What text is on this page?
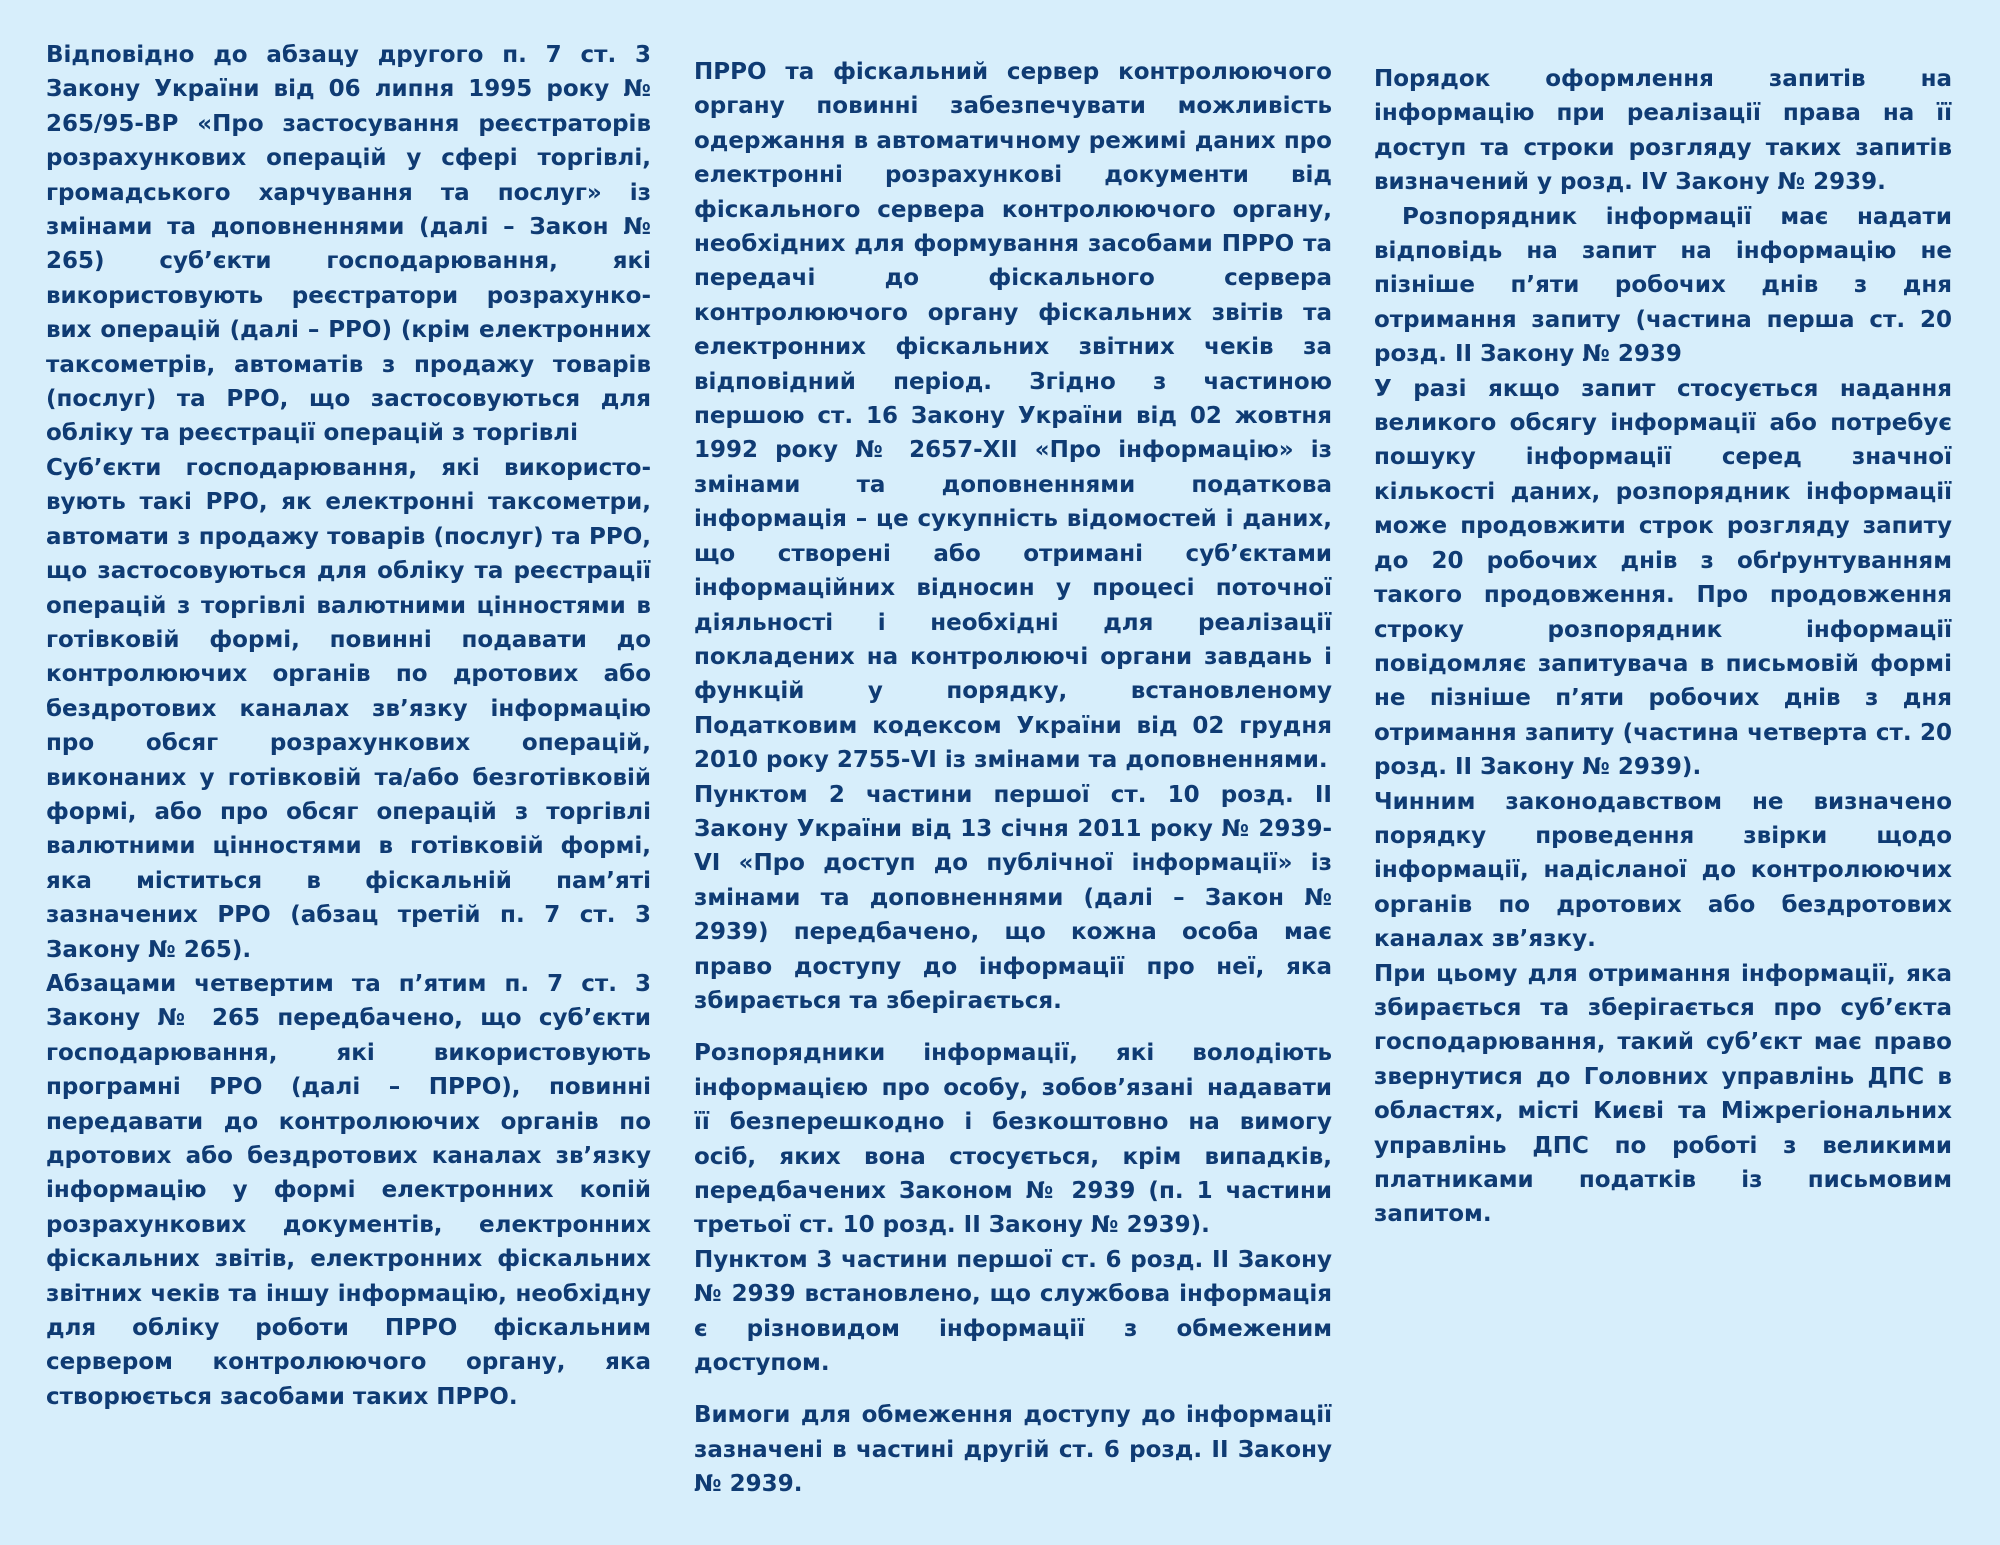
Відповідно до абзацу другого п. 7 ст. 3 Закону України від 06 липня 1995 року № 265/95-ВР «Про застосування реєстраторів розрахункових операцій у сфері торгівлі, громадського харчування та послуг» із змінами та доповненнями (далі – Закон № 265) суб’єкти господарювання, які використовують реєстратори розрахунко-вих операцій (далі – РРО) (крім електронних таксометрів, автоматів з продажу товарів (послуг) та РРО, що застосовуються для обліку та реєстрації операцій з торгівлі

Суб’єкти господарювання, які використо-вують такі РРО, як електронні таксометри, автомати з продажу товарів (послуг) та РРО, що застосовуються для обліку та реєстрації операцій з торгівлі валютними цінностями в готівковій формі, повинні подавати до контролюючих органів по дротових або бездротових каналах зв’язку інформацію про обсяг розрахункових операцій, виконаних у готівковій та/або безготівковій формі, або про обсяг операцій з торгівлі валютними цінностями в готівковій формі, яка міститься в фіскальній пам’яті зазначених РРО (абзац третій п. 7 ст. 3 Закону № 265).

Абзацами четвертим та п’ятим п. 7 ст. 3 Закону № 265 передбачено, що суб’єкти господарювання, які використовують програмні РРО (далі – ПРРО), повинні передавати до контролюючих органів по дротових або бездротових каналах зв’язку інформацію у формі електронних копій розрахункових документів, електронних фіскальних звітів, електронних фіскальних звітних чеків та іншу інформацію, необхідну для обліку роботи ПРРО фіскальним сервером контролюючого органу, яка створюється засобами таких ПРРО.

ПРРО та фіскальний сервер контролюючого органу повинні забезпечувати можливість одержання в автоматичному режимі даних про електронні розрахункові документи від фіскального сервера контролюючого органу, необхідних для формування засобами ПРРО та передачі до фіскального сервера контролюючого органу фіскальних звітів та електронних фіскальних звітних чеків за відповідний період. Згідно з частиною першою ст. 16 Закону України від 02 жовтня 1992 року № 2657-XII «Про інформацію» із змінами та доповненнями податкова інформація – це сукупність відомостей і даних, що створені або отримані суб’єктами інформаційних відносин у процесі поточної діяльності і необхідні для реалізації покладених на контролюючі органи завдань і функцій у порядку, встановленому Податковим кодексом України від 02 грудня 2010 року 2755-VI із змінами та доповненнями.

Пунктом 2 частини першої ст. 10 розд. II Закону України від 13 січня 2011 року № 2939-VI «Про доступ до публічної інформації» із змінами та доповненнями (далі – Закон № 2939) передбачено, що кожна особа має право доступу до інформації про неї, яка збирається та зберігається.

Розпорядники інформації, які володіють інформацією про особу, зобов’язані надавати її безперешкодно і безкоштовно на вимогу осіб, яких вона стосується, крім випадків, передбачених Законом № 2939 (п. 1 частини третьої ст. 10 розд. II Закону № 2939).

Пунктом 3 частини першої ст. 6 розд. II Закону № 2939 встановлено, що службова інформація є різновидом інформації з обмеженим доступом.

Вимоги для обмеження доступу до інформації зазначені в частині другій ст. 6 розд. II Закону № 2939.

Порядок оформлення запитів на інформацію при реалізації права на її доступ та строки розгляду таких запитів визначений у розд. IV Закону № 2939.

Розпорядник інформації має надати відповідь на запит на інформацію не пізніше п’яти робочих днів з дня отримання запиту (частина перша ст. 20 розд. II Закону № 2939

У разі якщо запит стосується надання великого обсягу інформації або потребує пошуку інформації серед значної кількості даних, розпорядник інформації може продовжити строк розгляду запиту до 20 робочих днів з обґрунтуванням такого продовження. Про продовження строку розпорядник інформації повідомляє запитувача в письмовій формі не пізніше п’яти робочих днів з дня отримання запиту (частина четверта ст. 20 розд. II Закону № 2939).

Чинним законодавством не визначено порядку проведення звірки щодо інформації, надісланої до контролюючих органів по дротових або бездротових каналах зв’язку.

При цьому для отримання інформації, яка збирається та зберігається про суб’єкта господарювання, такий суб’єкт має право звернутися до Головних управлінь ДПС в областях, місті Києві та Міжрегіональних управлінь ДПС по роботі з великими платниками податків із письмовим запитом.
